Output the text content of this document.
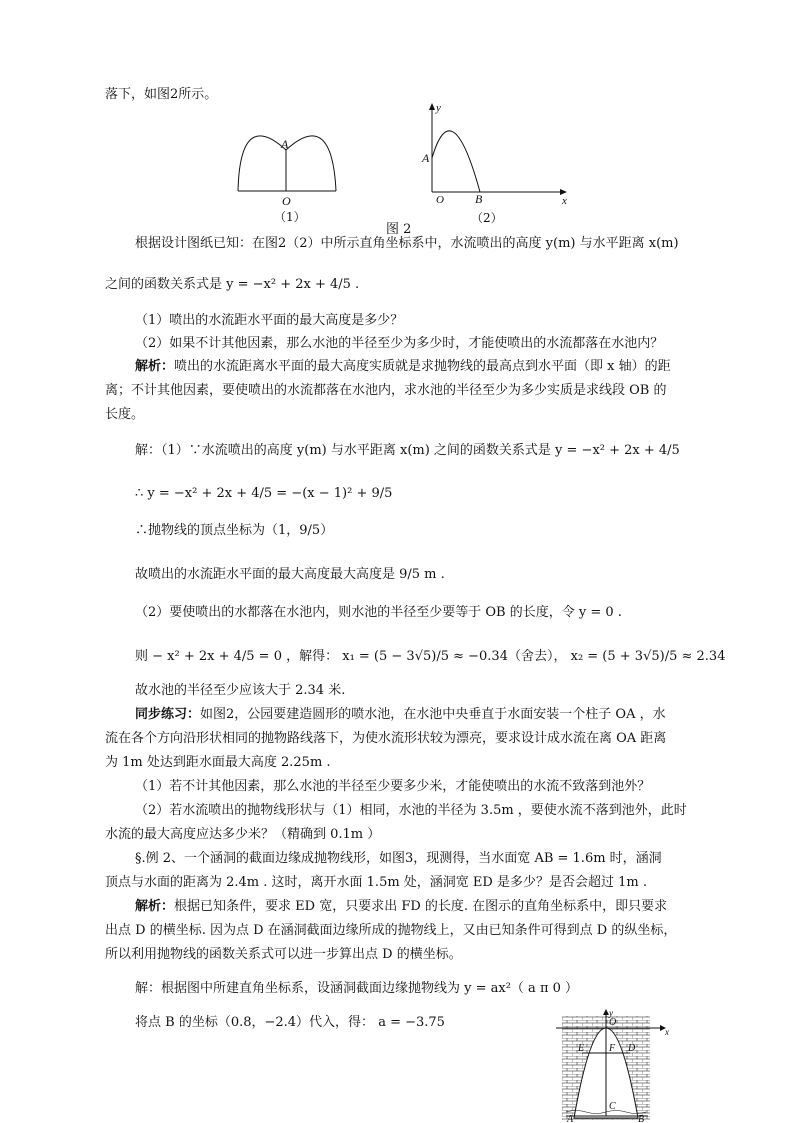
落下，如图2所示。
A
O
（1）
y
A
O	B	x
（2）
图 2
根据设计图纸已知：在图2（2）中所示直角坐标系中，水流喷出的高度 y(m) 与水平距离 x(m)
之间的函数关系式是 y = −x² + 2x + 4/5 .
（1）喷出的水流距水平面的最大高度是多少？
（2）如果不计其他因素，那么水池的半径至少为多少时，才能使喷出的水流都落在水池内？
解析：喷出的水流距离水平面的最大高度实质就是求抛物线的最高点到水平面（即 x 轴）的距
离；不计其他因素，要使喷出的水流都落在水池内，求水池的半径至少为多少实质是求线段 OB 的
长度。
解：（1）∵水流喷出的高度 y(m) 与水平距离 x(m) 之间的函数关系式是 y = −x² + 2x + 4/5
∴ y = −x² + 2x + 4/5 = −(x − 1)² + 9/5
∴抛物线的顶点坐标为（1，9/5）
故喷出的水流距水平面的最大高度最大高度是 9/5 m .
（2）要使喷出的水都落在水池内，则水池的半径至少要等于 OB 的长度，令 y = 0 .
则 − x² + 2x + 4/5 = 0 ，解得： x₁ = (5 − 3√5)/5 ≈ −0.34（舍去）， x₂ = (5 + 3√5)/5 ≈ 2.34
故水池的半径至少应该大于 2.34 米.
同步练习：如图2，公园要建造圆形的喷水池，在水池中央垂直于水面安装一个柱子 OA ，水
流在各个方向沿形状相同的抛物路线落下，为使水流形状较为漂亮，要求设计成水流在离 OA 距离
为 1m 处达到距水面最大高度 2.25m .
（1）若不计其他因素，那么水池的半径至少要多少米，才能使喷出的水流不致落到池外？
（2）若水流喷出的抛物线形状与（1）相同，水池的半径为 3.5m ，要使水流不落到池外，此时
水流的最大高度应达多少米？（精确到 0.1m ）
§.例 2、一个涵洞的截面边缘成抛物线形，如图3，现测得，当水面宽 AB = 1.6m 时，涵洞
顶点与水面的距离为 2.4m . 这时，离开水面 1.5m 处，涵洞宽 ED 是多少？是否会超过 1m .
解析：根据已知条件，要求 ED 宽，只要求出 FD 的长度. 在图示的直角坐标系中，即只要求
出点 D 的横坐标. 因为点 D 在涵洞截面边缘所成的抛物线上，又由已知条件可得到点 D 的纵坐标，
所以利用抛物线的函数关系式可以进一步算出点 D 的横坐标。
解：根据图中所建直角坐标系，设涵洞截面边缘抛物线为 y = ax²（ a π 0 ）
将点 B 的坐标（0.8，−2.4）代入，得： a = −3.75
y
O
x
E F D
C
A	B
